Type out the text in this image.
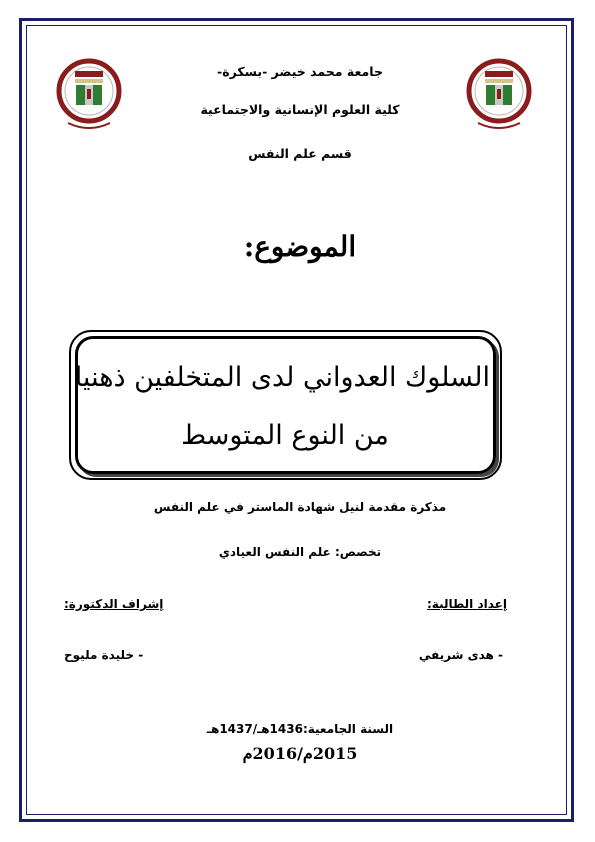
جامعة محمد خيضر -بسكرة-
كلية العلوم الإنسانية والاجتماعية
قسم علم النفس
الموضوع:
السلوك العدواني لدى المتخلفين ذهنيا
من النوع المتوسط
مذكرة مقدمة لنيل شهادة الماستر في علم النفس
تخصص: علم النفس العيادي
إعداد الطالبة:
إشراف الدكتورة:
- هدى شريفي
- خليدة مليوح
السنة الجامعية:1436هـ/1437هـ
2015م/2016م
